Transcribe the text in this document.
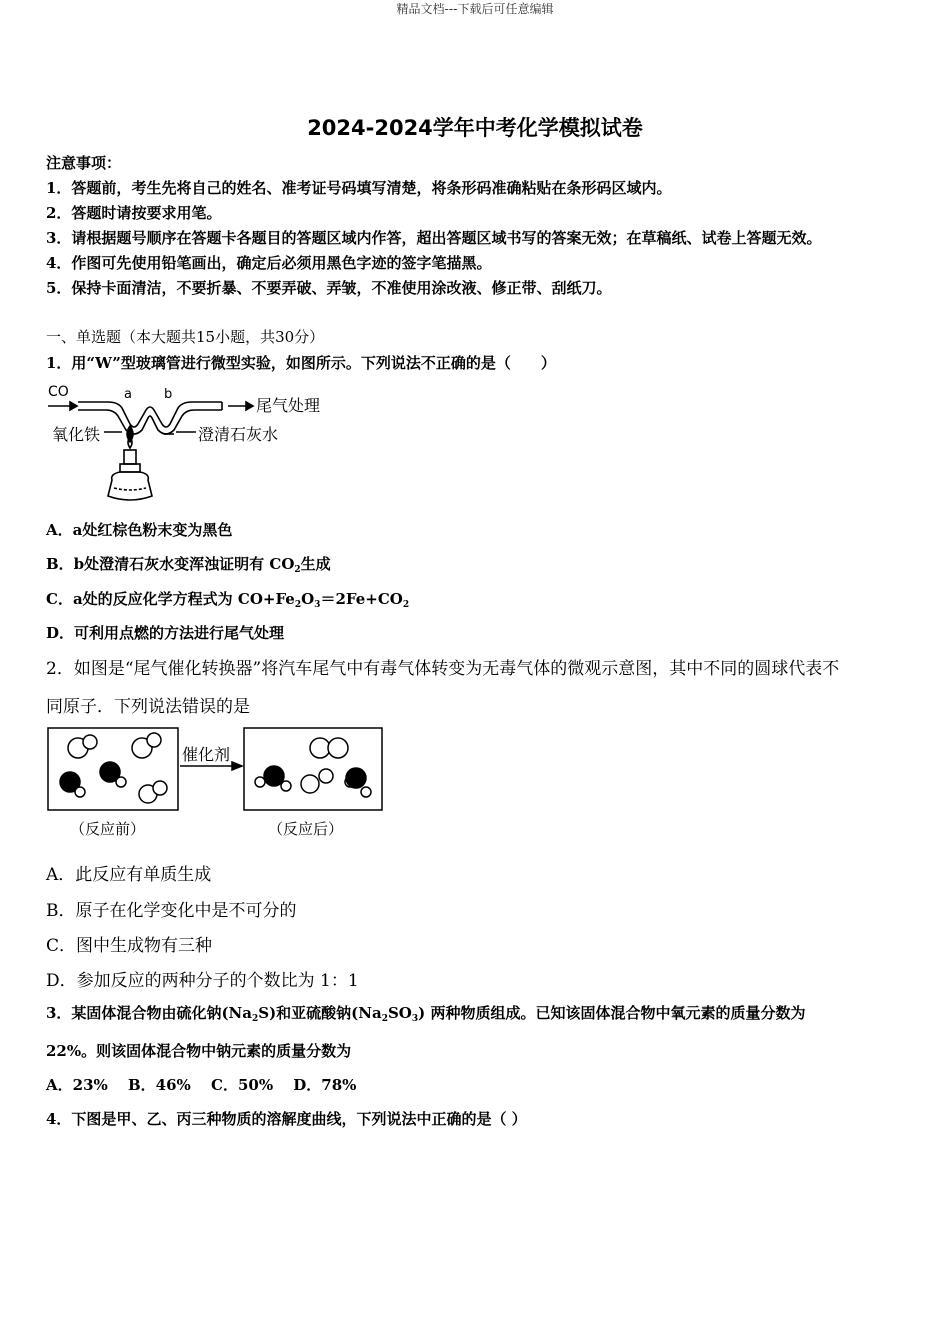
精品文档---下载后可任意编辑
2024-2024学年中考化学模拟试卷
注意事项：
1．答题前，考生先将自己的姓名、准考证号码填写清楚，将条形码准确粘贴在条形码区域内。
2．答题时请按要求用笔。
3．请根据题号顺序在答题卡各题目的答题区域内作答，超出答题区域书写的答案无效；在草稿纸、试卷上答题无效。
4．作图可先使用铅笔画出，确定后必须用黑色字迹的签字笔描黑。
5．保持卡面清洁，不要折暴、不要弄破、弄皱，不准使用涂改液、修正带、刮纸刀。
一、单选题（本大题共15小题，共30分）
1．用“W”型玻璃管进行微型实验，如图所示。下列说法不正确的是（　　）
CO	a b
尾气处理
氧化铁	澄清石灰水
A．a处红棕色粉末变为黑色
B．b处澄清石灰水变浑浊证明有 $CO_2$生成
C．a处的反应化学方程式为 $CO+Fe_2O_3=2Fe+CO_2$
D．可利用点燃的方法进行尾气处理
2．如图是“尾气催化转换器”将汽车尾气中有毒气体转变为无毒气体的微观示意图，其中不同的圆球代表不
同原子．下列说法错误的是
催化剂
（反应前）	（反应后）
A．此反应有单质生成
B．原子在化学变化中是不可分的
C．图中生成物有三种
D．参加反应的两种分子的个数比为 1：1
3．某固体混合物由硫化钠$(Na_2S)$和亚硫酸钠$(Na_2SO_3)$ 两种物质组成。已知该固体混合物中氧元素的质量分数为
22%。则该固体混合物中钠元素的质量分数为
A．23%　 B．46%　 C．50%　 D．78%
4．下图是甲、乙、丙三种物质的溶解度曲线，下列说法中正确的是（ ）
